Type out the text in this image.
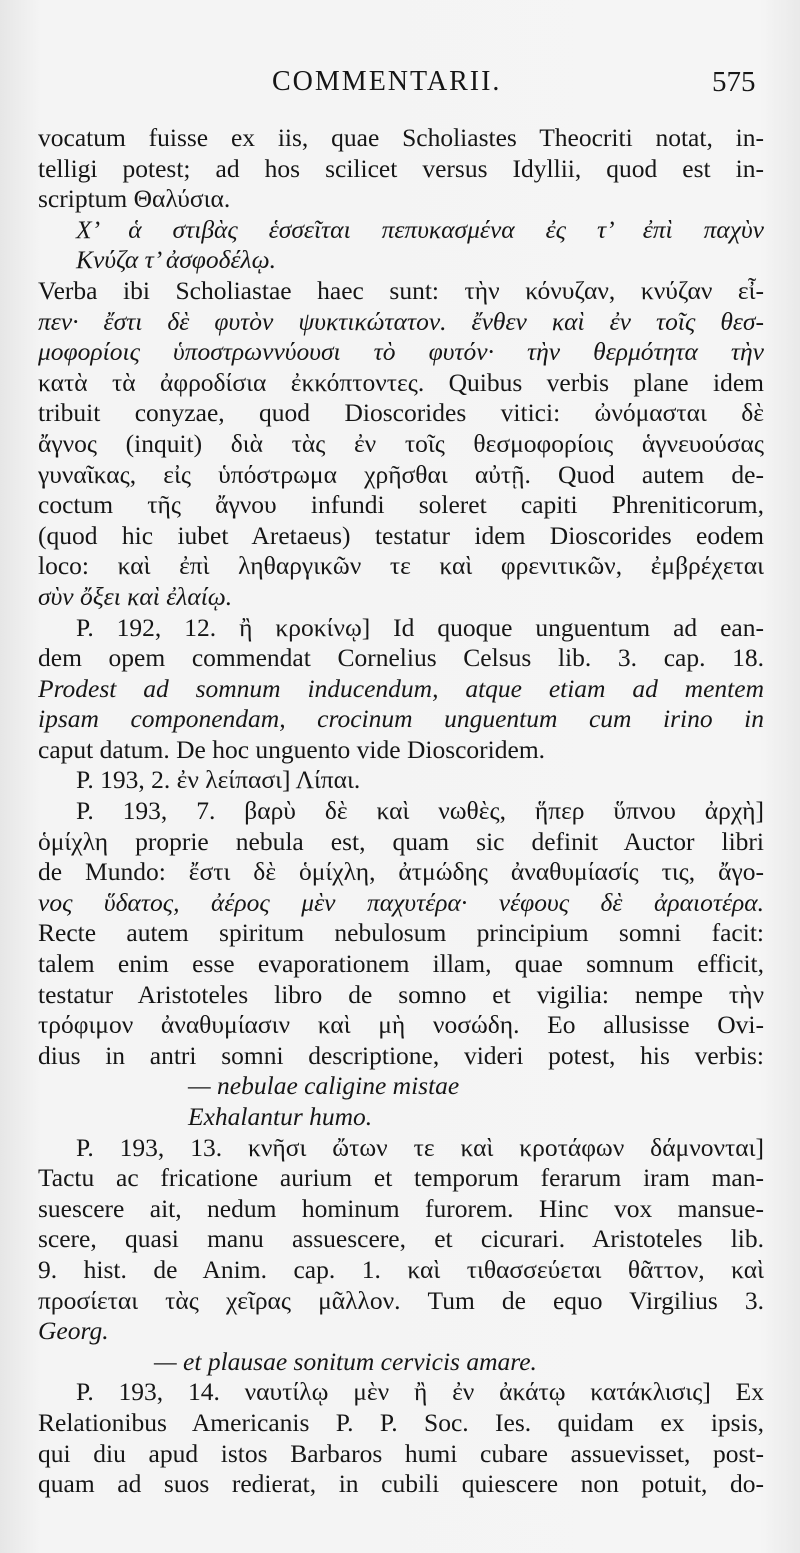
COMMENTARII.	575
vocatum fuisse ex iis, quae Scholiastes Theocriti notat, in-
telligi potest; ad hos scilicet versus Idyllii, quod est in-
scriptum Θαλύσια.
Χ’ ἁ στιβὰς ἑσσεῖται πεπυκασμένα ἐς τ’ ἐπὶ παχὺν
Κνύζα τ’ ἀσφοδέλῳ.
Verba ibi Scholiastae haec sunt: τὴν κόνυζαν, κνύζαν εἶ-
πεν· ἔστι δὲ φυτὸν ψυκτικώτατον. ἔνθεν καὶ ἐν τοῖς θεσ-
μοφορίοις ὑποστρωννύουσι τὸ φυτόν· τὴν θερμότητα τὴν
κατὰ τὰ ἀφροδίσια ἐκκόπτοντες. Quibus verbis plane idem
tribuit conyzae, quod Dioscorides vitici: ὠνόμασται δὲ
ἄγνος (inquit) διὰ τὰς ἐν τοῖς θεσμοφορίοις ἁγνευούσας
γυναῖκας, εἰς ὑπόστρωμα χρῆσθαι αὐτῇ. Quod autem de-
coctum τῆς ἄγνου infundi soleret capiti Phreniticorum,
(quod hic iubet Aretaeus) testatur idem Dioscorides eodem
loco: καὶ ἐπὶ ληθαργικῶν τε καὶ φρενιτικῶν, ἐμβρέχεται
σὺν ὄξει καὶ ἐλαίῳ.
P. 192, 12. ἢ κροκίνῳ] Id quoque unguentum ad ean-
dem opem commendat Cornelius Celsus lib. 3. cap. 18.
Prodest ad somnum inducendum, atque etiam ad mentem
ipsam componendam, crocinum unguentum cum irino in
caput datum. De hoc unguento vide Dioscoridem.
P. 193, 2. ἐν λείπασι] Λίπαι.
P. 193, 7. βαρὺ δὲ καὶ νωθὲς, ἥπερ ὕπνου ἀρχὴ]
ὁμίχλη proprie nebula est, quam sic definit Auctor libri
de Mundo: ἔστι δὲ ὁμίχλη, ἀτμώδης ἀναθυμίασίς τις, ἄγο-
νος ὕδατος, ἀέρος μὲν παχυτέρα· νέφους δὲ ἀραιοτέρα.
Recte autem spiritum nebulosum principium somni facit:
talem enim esse evaporationem illam, quae somnum efficit,
testatur Aristoteles libro de somno et vigilia: nempe τὴν
τρόφιμον ἀναθυμίασιν καὶ μὴ νοσώδη. Eo allusisse Ovi-
dius in antri somni descriptione, videri potest, his verbis:
— nebulae caligine mistae
Exhalantur humo.
P. 193, 13. κνῆσι ὤτων τε καὶ κροτάφων δάμνονται]
Tactu ac fricatione aurium et temporum ferarum iram man-
suescere ait, nedum hominum furorem. Hinc vox mansue-
scere, quasi manu assuescere, et cicurari. Aristoteles lib.
9. hist. de Anim. cap. 1. καὶ τιθασσεύεται θᾶττον, καὶ
προσίεται τὰς χεῖρας μᾶλλον. Tum de equo Virgilius 3.
Georg.
— et plausae sonitum cervicis amare.
P. 193, 14. ναυτίλῳ μὲν ἢ ἐν ἀκάτῳ κατάκλισις] Ex
Relationibus Americanis P. P. Soc. Ies. quidam ex ipsis,
qui diu apud istos Barbaros humi cubare assuevisset, post-
quam ad suos redierat, in cubili quiescere non potuit, do-
